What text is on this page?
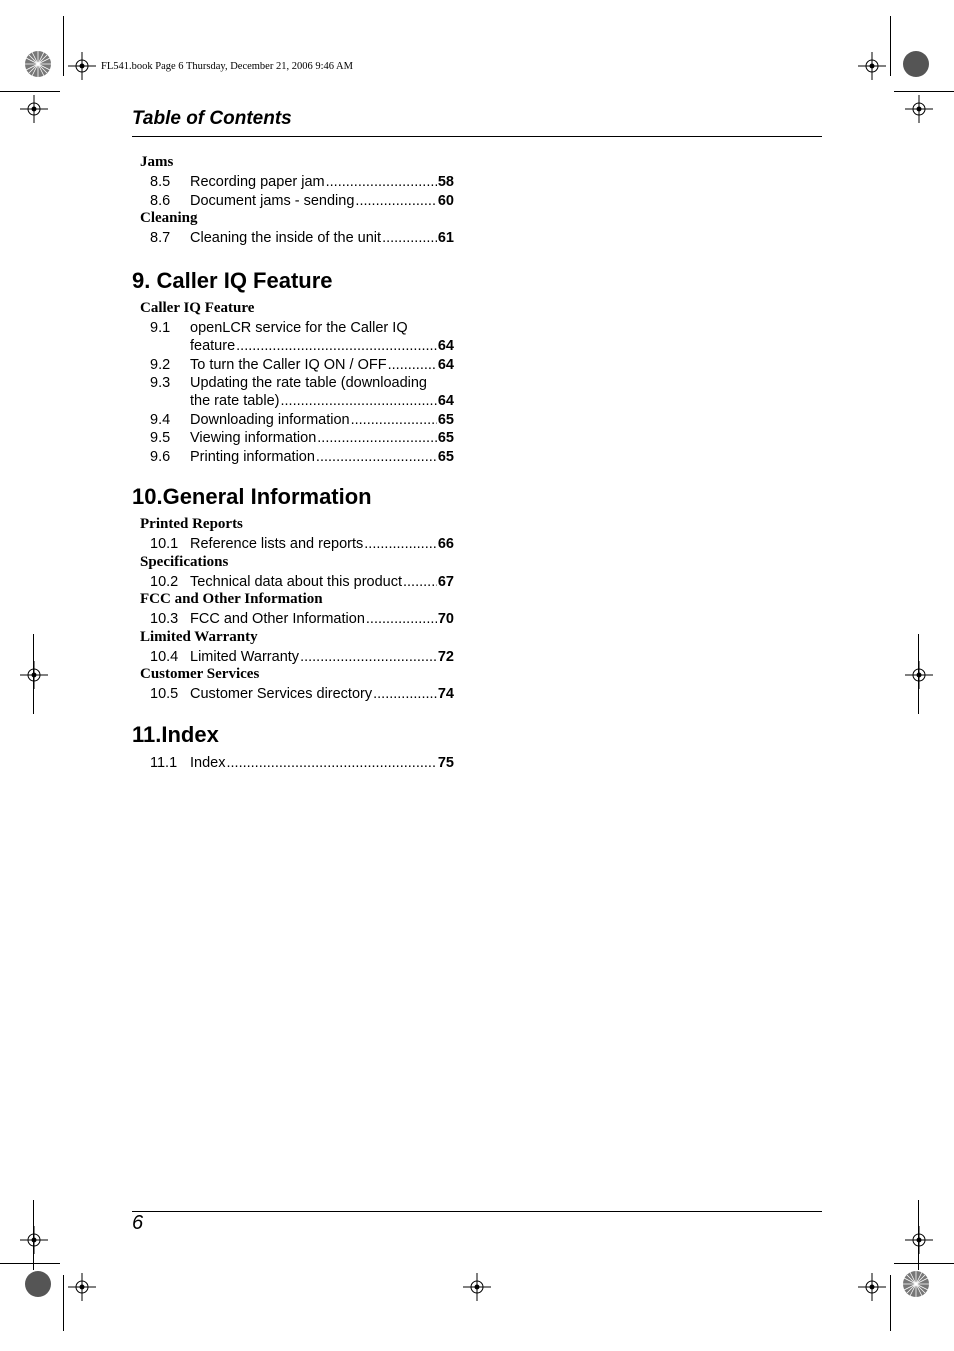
FL541.book Page 6 Thursday, December 21, 2006 9:46 AM
Table of Contents
Jams
8.5 Recording paper jam .....	58
8.6 Document jams - sending .....	60
Cleaning
8.7 Cleaning the inside of the unit .....	61
9. Caller IQ Feature
Caller IQ Feature
9.1 openLCR service for the Caller IQ
feature .....	64
9.2 To turn the Caller IQ ON / OFF .....	64
9.3 Updating the rate table (downloading
the rate table) .....	64
9.4 Downloading information .....	65
9.5 Viewing information .....	65
9.6 Printing information .....	65
10.General Information
Printed Reports
10.1 Reference lists and reports .....	66
Specifications
10.2 Technical data about this product ..... 67
FCC and Other Information
10.3 FCC and Other Information .....	70
Limited Warranty
10.4 Limited Warranty .....	72
Customer Services
10.5 Customer Services directory .....	74
11.Index
11.1 Index .....	75
6
